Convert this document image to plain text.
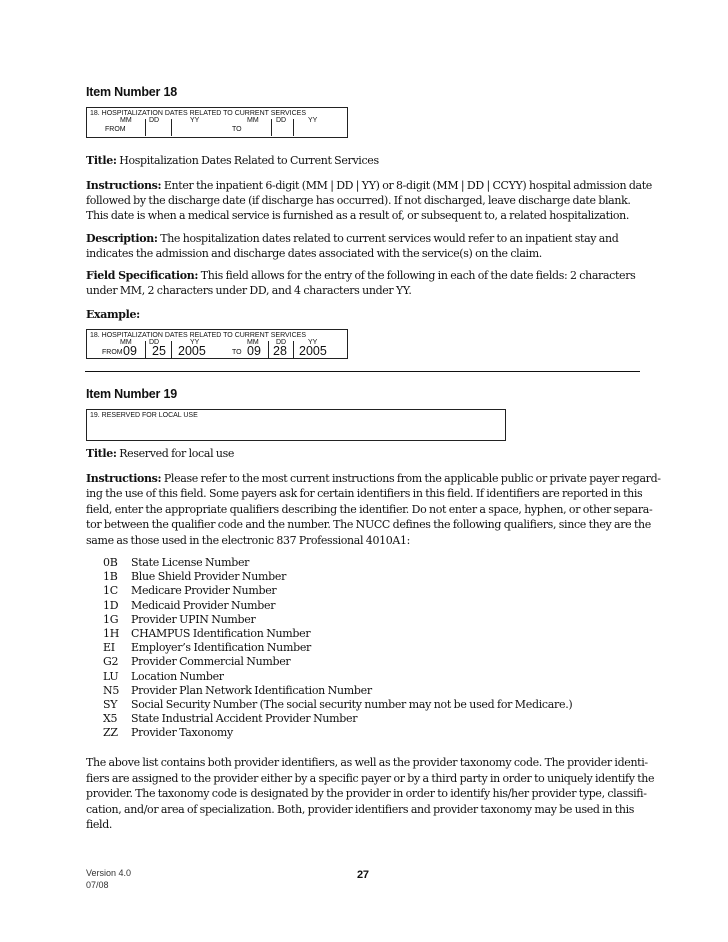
Item Number 18
18. HOSPITALIZATION DATES RELATED TO CURRENT SERVICES
MM DD	YY	MM DD	YY
FROM	TO
Title: Hospitalization Dates Related to Current Services
Instructions: Enter the inpatient 6-digit (MM | DD | YY) or 8-digit (MM | DD | CCYY) hospital admission date
followed by the discharge date (if discharge has occurred). If not discharged, leave discharge date blank.
This date is when a medical service is furnished as a result of, or subsequent to, a related hospitalization.
Description: The hospitalization dates related to current services would refer to an inpatient stay and
indicates the admission and discharge dates associated with the service(s) on the claim.
Field Specification: This field allows for the entry of the following in each of the date fields: 2 characters
under MM, 2 characters under DD, and 4 characters under YY.
Example:
18. HOSPITALIZATION DATES RELATED TO CURRENT SERVICES
MM DD	YY	MM DD	YY
FROM	TO
09 25 2005	09 28 2005
Item Number 19
19. RESERVED FOR LOCAL USE
Title: Reserved for local use
Instructions: Please refer to the most current instructions from the applicable public or private payer regard-
ing the use of this field. Some payers ask for certain identifiers in this field. If identifiers are reported in this
field, enter the appropriate qualifiers describing the identifier. Do not enter a space, hyphen, or other separa-
tor between the qualifier code and the number. The NUCC defines the following qualifiers, since they are the
same as those used in the electronic 837 Professional 4010A1:
0B	State License Number
1B	Blue Shield Provider Number
1C	Medicare Provider Number
1D	Medicaid Provider Number
1G	Provider UPIN Number
1H	CHAMPUS Identification Number
EI	Employer’s Identification Number
G2	Provider Commercial Number
LU	Location Number
N5	Provider Plan Network Identification Number
SY	Social Security Number (The social security number may not be used for Medicare.)
X5	State Industrial Accident Provider Number
ZZ	Provider Taxonomy
The above list contains both provider identifiers, as well as the provider taxonomy code. The provider identi-
fiers are assigned to the provider either by a specific payer or by a third party in order to uniquely identify the
provider. The taxonomy code is designated by the provider in order to identify his/her provider type, classifi-
cation, and/or area of specialization. Both, provider identifiers and provider taxonomy may be used in this
field.
Version 4.0
07/08
27
